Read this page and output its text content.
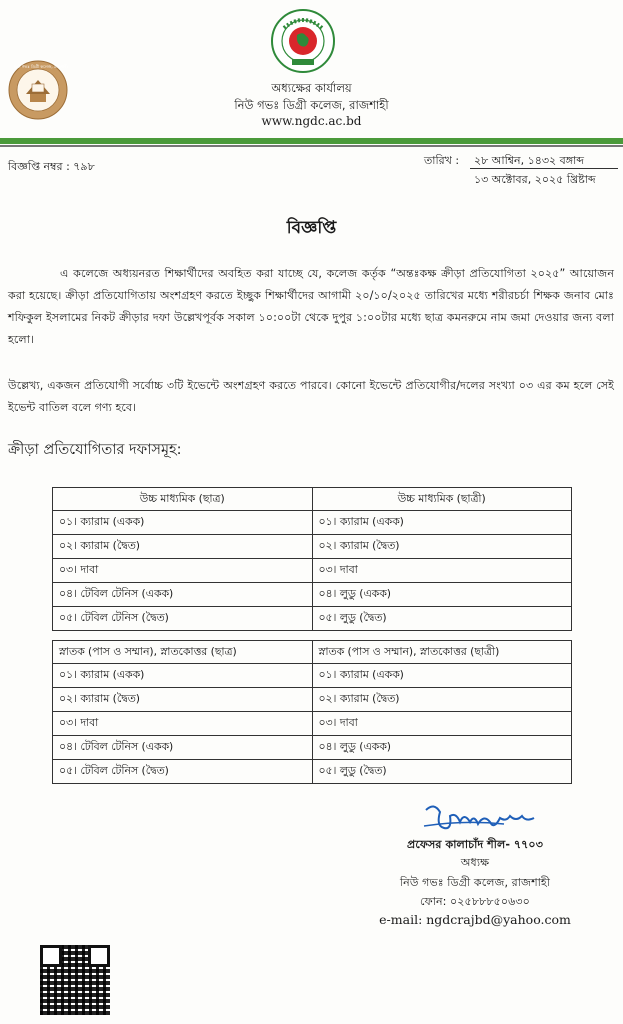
সরকার
নিউ গভঃ ডিগ্রী কলেজ, রাজশাহী
অধ্যক্ষের কার্যালয়
নিউ গভঃ ডিগ্রী কলেজ, রাজশাহী
www.ngdc.ac.bd
বিজ্ঞপ্তি নম্বর : ৭৯৮	তারিখ : ২৮ আশ্বিন, ১৪৩২ বঙ্গাব্দ
১৩ অক্টোবর, ২০২৫ খ্রিষ্টাব্দ
বিজ্ঞপ্তি
এ কলেজে অধ্যয়নরত শিক্ষার্থীদের অবহিত করা যাচ্ছে যে, কলেজ কর্তৃক “অন্তঃকক্ষ ক্রীড়া প্রতিযোগিতা ২০২৫” আয়োজন করা হয়েছে। ক্রীড়া প্রতিযোগিতায় অংশগ্রহণ করতে ইচ্ছুক শিক্ষার্থীদের আগামী ২০/১০/২০২৫ তারিখের মধ্যে শরীরচর্চা শিক্ষক জনাব মোঃ শফিকুল ইসলামের নিকট ক্রীড়ার দফা উল্লেখপূর্বক সকাল ১০:০০টা থেকে দুপুর ১:০০টার মধ্যে ছাত্র কমনরুমে নাম জমা দেওয়ার জন্য বলা হলো।
উল্লেখ্য, একজন প্রতিযোগী সর্বোচ্চ ৩টি ইভেন্টে অংশগ্রহণ করতে পারবে। কোনো ইভেন্টে প্রতিযোগীর/দলের সংখ্যা ০৩ এর কম হলে সেই ইভেন্ট বাতিল বলে গণ্য হবে।
ক্রীড়া প্রতিযোগিতার দফাসমূহ:
উচ্চ মাধ্যমিক (ছাত্র)	উচ্চ মাধ্যমিক (ছাত্রী)
০১। ক্যারাম (একক)	০১। ক্যারাম (একক)
০২। ক্যারাম (দ্বৈত)	০২। ক্যারাম (দ্বৈত)
০৩। দাবা	০৩। দাবা
০৪। টেবিল টেনিস (একক)	০৪। লুডু (একক)
০৫। টেবিল টেনিস (দ্বৈত)	০৫। লুডু (দ্বৈত)
স্নাতক (পাস ও সম্মান), স্নাতকোত্তর (ছাত্র)	স্নাতক (পাস ও সম্মান), স্নাতকোত্তর (ছাত্রী)
০১। ক্যারাম (একক)	০১। ক্যারাম (একক)
০২। ক্যারাম (দ্বৈত)	০২। ক্যারাম (দ্বৈত)
০৩। দাবা	০৩। দাবা
০৪। টেবিল টেনিস (একক)	০৪। লুডু (একক)
০৫। টেবিল টেনিস (দ্বৈত)	০৫। লুডু (দ্বৈত)
প্রফেসর কালাচাঁদ শীল- ৭৭০৩
অধ্যক্ষ
নিউ গভঃ ডিগ্রী কলেজ, রাজশাহী
ফোন: ০২৫৮৮৮৫০৬৩০
e-mail: ngdcrajbd@yahoo.com
